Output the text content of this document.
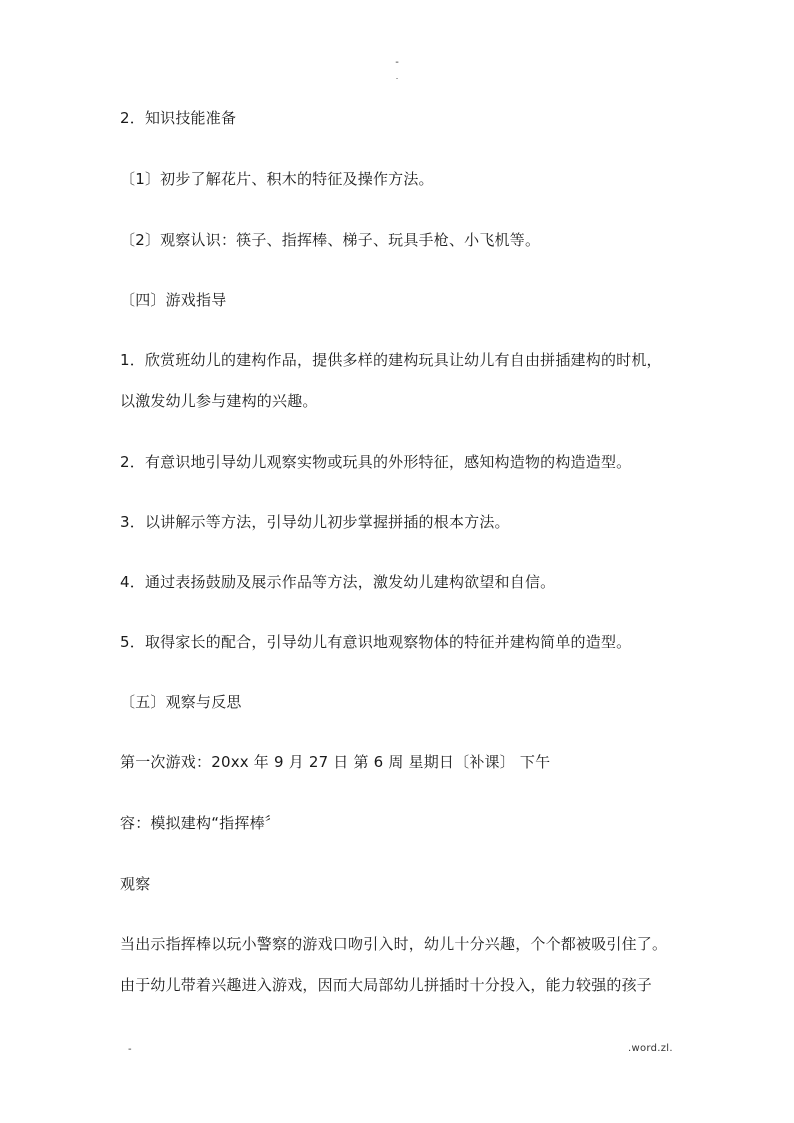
-
.
2．知识技能准备
〔1〕初步了解花片、积木的特征及操作方法。
〔2〕观察认识：筷子、指挥棒、梯子、玩具手枪、小飞机等。
〔四〕游戏指导
1．欣赏班幼儿的建构作品，提供多样的建构玩具让幼儿有自由拼插建构的时机，
以激发幼儿参与建构的兴趣。
2．有意识地引导幼儿观察实物或玩具的外形特征，感知构造物的构造造型。
3．以讲解示等方法，引导幼儿初步掌握拼插的根本方法。
4．通过表扬鼓励及展示作品等方法，激发幼儿建构欲望和自信。
5．取得家长的配合，引导幼儿有意识地观察物体的特征并建构简单的造型。
〔五〕观察与反思
第一次游戏：20xx 年 9 月 27 日 第 6 周 星期日〔补课〕 下午
容：模拟建构“指挥棒〞
观察
当出示指挥棒以玩小警察的游戏口吻引入时，幼儿十分兴趣，个个都被吸引住了。
由于幼儿带着兴趣进入游戏，因而大局部幼儿拼插时十分投入，能力较强的孩子
-	.word.zl.
